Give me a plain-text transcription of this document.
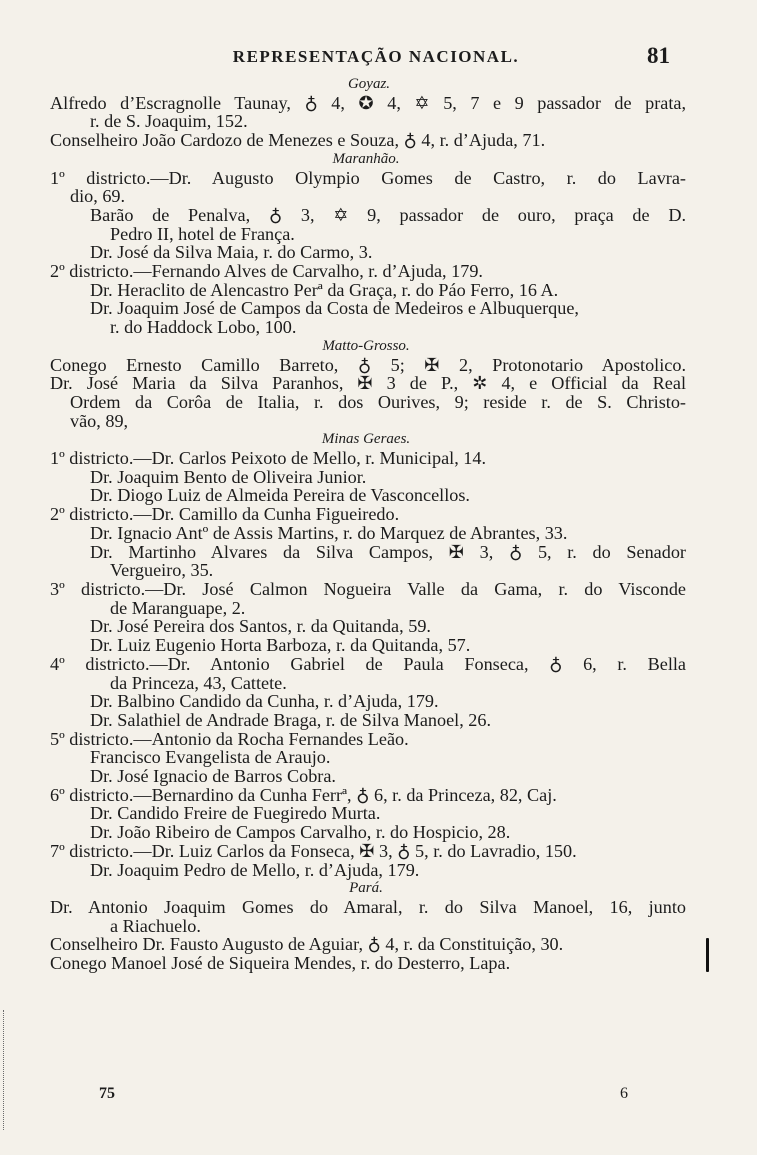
REPRESENTAÇÃO NACIONAL.	81
Goyaz.
Alfredo d’Escragnolle Taunay, ♁ 4, ✪ 4, ✡ 5, 7 e 9 passador de prata,
r. de S. Joaquim, 152.
Conselheiro João Cardozo de Menezes e Souza, ♁ 4, r. d’Ajuda, 71.
Maranhão.
1º districto.—Dr. Augusto Olympio Gomes de Castro, r. do Lavra-
dio, 69.
Barão de Penalva, ♁ 3, ✡ 9, passador de ouro, praça de D.
Pedro II, hotel de França.
Dr. José da Silva Maia, r. do Carmo, 3.
2º districto.—Fernando Alves de Carvalho, r. d’Ajuda, 179.
Dr. Heraclito de Alencastro Perª da Graça, r. do Páo Ferro, 16 A.
Dr. Joaquim José de Campos da Costa de Medeiros e Albuquerque,
r. do Haddock Lobo, 100.
Matto-Grosso.
Conego Ernesto Camillo Barreto, ♁ 5; ✠ 2, Protonotario Apostolico.
Dr. José Maria da Silva Paranhos, ✠ 3 de P., ✲ 4, e Official da Real
Ordem da Corôa de Italia, r. dos Ourives, 9; reside r. de S. Christo-
vão, 89,
Minas Geraes.
1º districto.—Dr. Carlos Peixoto de Mello, r. Municipal, 14.
Dr. Joaquim Bento de Oliveira Junior.
Dr. Diogo Luiz de Almeida Pereira de Vasconcellos.
2º districto.—Dr. Camillo da Cunha Figueiredo.
Dr. Ignacio Antº de Assis Martins, r. do Marquez de Abrantes, 33.
Dr. Martinho Alvares da Silva Campos, ✠ 3, ♁ 5, r. do Senador
Vergueiro, 35.
3º districto.—Dr. José Calmon Nogueira Valle da Gama, r. do Visconde
de Maranguape, 2.
Dr. José Pereira dos Santos, r. da Quitanda, 59.
Dr. Luiz Eugenio Horta Barboza, r. da Quitanda, 57.
4º districto.—Dr. Antonio Gabriel de Paula Fonseca, ♁ 6, r. Bella
da Princeza, 43, Cattete.
Dr. Balbino Candido da Cunha, r. d’Ajuda, 179.
Dr. Salathiel de Andrade Braga, r. de Silva Manoel, 26.
5º districto.—Antonio da Rocha Fernandes Leão.
Francisco Evangelista de Araujo.
Dr. José Ignacio de Barros Cobra.
6º districto.—Bernardino da Cunha Ferrª, ♁ 6, r. da Princeza, 82, Caj.
Dr. Candido Freire de Fuegiredo Murta.
Dr. João Ribeiro de Campos Carvalho, r. do Hospicio, 28.
7º districto.—Dr. Luiz Carlos da Fonseca, ✠ 3, ♁ 5, r. do Lavradio, 150.
Dr. Joaquim Pedro de Mello, r. d’Ajuda, 179.
Pará.
Dr. Antonio Joaquim Gomes do Amaral, r. do Silva Manoel, 16, junto
a Riachuelo.
Conselheiro Dr. Fausto Augusto de Aguiar, ♁ 4, r. da Constituição, 30.
Conego Manoel José de Siqueira Mendes, r. do Desterro, Lapa.
75	6
